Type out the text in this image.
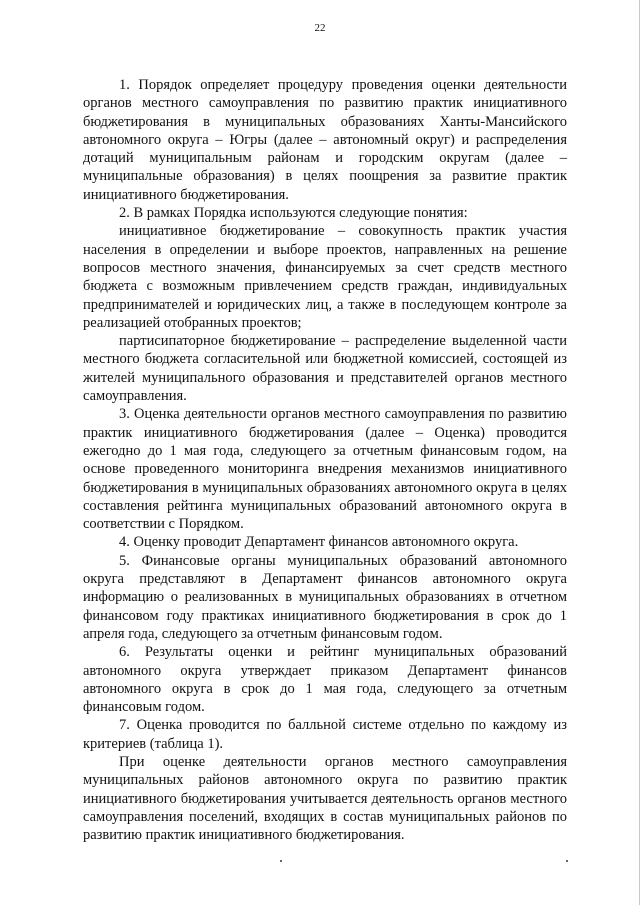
22

1. Порядок определяет процедуру проведения оценки деятельности органов местного самоуправления по развитию практик инициативного бюджетирования в муниципальных образованиях Ханты-Мансийского автономного округа – Югры (далее – автономный округ) и распределения дотаций муниципальным районам и городским округам (далее – муниципальные образования) в целях поощрения за развитие практик инициативного бюджетирования.

2. В рамках Порядка используются следующие понятия:

инициативное бюджетирование – совокупность практик участия населения в определении и выборе проектов, направленных на решение вопросов местного значения, финансируемых за счет средств местного бюджета с возможным привлечением средств граждан, индивидуальных предпринимателей и юридических лиц, а также в последующем контроле за реализацией отобранных проектов;

партисипаторное бюджетирование – распределение выделенной части местного бюджета согласительной или бюджетной комиссией, состоящей из жителей муниципального образования и представителей органов местного самоуправления.

3. Оценка деятельности органов местного самоуправления по развитию практик инициативного бюджетирования (далее – Оценка) проводится ежегодно до 1 мая года, следующего за отчетным финансовым годом, на основе проведенного мониторинга внедрения механизмов инициативного бюджетирования в муниципальных образованиях автономного округа в целях составления рейтинга муниципальных образований автономного округа в соответствии с Порядком.

4. Оценку проводит Департамент финансов автономного округа.

5. Финансовые органы муниципальных образований автономного округа представляют в Департамент финансов автономного округа информацию о реализованных в муниципальных образованиях в отчетном финансовом году практиках инициативного бюджетирования в срок до 1 апреля года, следующего за отчетным финансовым годом.

6. Результаты оценки и рейтинг муниципальных образований автономного округа утверждает приказом Департамент финансов автономного округа в срок до 1 мая года, следующего за отчетным финансовым годом.

7. Оценка проводится по балльной системе отдельно по каждому из критериев (таблица 1).

При оценке деятельности органов местного самоуправления муниципальных районов автономного округа по развитию практик инициативного бюджетирования учитывается деятельность органов местного самоуправления поселений, входящих в состав муниципальных районов по развитию практик инициативного бюджетирования.
